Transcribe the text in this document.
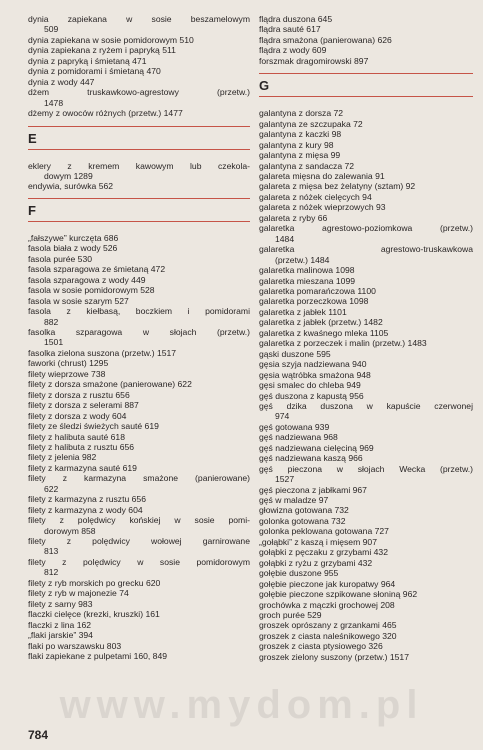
dynia zapiekana w sosie beszamelowym
509
dynia zapiekana w sosie pomidorowym 510
dynia zapiekana z ryżem i papryką 511
dynia z papryką i śmietaną 471
dynia z pomidorami i śmietaną 470
dynia z wody 447
dżem truskawkowo-agrestowy (przetw.)
1478
dżemy z owoców różnych (przetw.) 1477
E
eklery z kremem kawowym lub czekola-
dowym 1289
endywia, surówka 562
F
„fałszywe” kurczęta 686
fasola biała z wody 526
fasola purée 530
fasola szparagowa ze śmietaną 472
fasola szparagowa z wody 449
fasola w sosie pomidorowym 528
fasola w sosie szarym 527
fasola z kiełbasą, boczkiem i pomidorami
882
fasolka szparagowa w słojach (przetw.)
1501
fasolka zielona suszona (przetw.) 1517
faworki (chrust) 1295
filety wieprzowe 738
filety z dorsza smażone (panierowane) 622
filety z dorsza z rusztu 656
filety z dorsza z selerami 887
filety z dorsza z wody 604
filety ze śledzi świeżych sauté 619
filety z halibuta sauté 618
filety z halibuta z rusztu 656
filety z jelenia 982
filety z karmazyna sauté 619
filety z karmazyna smażone (panierowane)
622
filety z karmazyna z rusztu 656
filety z karmazyna z wody 604
filety z polędwicy końskiej w sosie pomi-
dorowym 858
filety z polędwicy wołowej garnirowane
813
filety z polędwicy w sosie pomidorowym
812
filety z ryb morskich po grecku 620
filety z ryb w majonezie 74
filety z sarny 983
flaczki cielęce (krezki, kruszki) 161
flaczki z lina 162
„flaki jarskie” 394
flaki po warszawsku 803
flaki zapiekane z pulpetami 160, 849
flądra duszona 645
flądra sauté 617
flądra smażona (panierowana) 626
flądra z wody 609
forszmak dragomirowski 897
G
galantyna z dorsza 72
galantyna ze szczupaka 72
galantyna z kaczki 98
galantyna z kury 98
galantyna z mięsa 99
galantyna z sandacza 72
galareta mięsna do zalewania 91
galareta z mięsa bez żelatyny (sztam) 92
galareta z nóżek cielęcych 94
galareta z nóżek wieprzowych 93
galareta z ryby 66
galaretka agrestowo-poziomkowa (przetw.)
1484
galaretka agrestowo-truskawkowa
(przetw.) 1484
galaretka malinowa 1098
galaretka mieszana 1099
galaretka pomarańczowa 1100
galaretka porzeczkowa 1098
galaretka z jabłek 1101
galaretka z jabłek (przetw.) 1482
galaretka z kwaśnego mleka 1105
galaretka z porzeczek i malin (przetw.) 1483
gąski duszone 595
gęsia szyja nadziewana 940
gęsia wątróbka smażona 948
gęsi smalec do chleba 949
gęś duszona z kapustą 956
gęś dzika duszona w kapuście czerwonej
974
gęś gotowana 939
gęś nadziewana 968
gęś nadziewana cielęciną 969
gęś nadziewana kaszą 966
gęś pieczona w słojach Wecka (przetw.)
1527
gęś pieczona z jabłkami 967
gęś w maladze 97
głowizna gotowana 732
golonka gotowana 732
golonka peklowana gotowana 727
„gołąbki” z kaszą i mięsem 907
gołąbki z pęczaku z grzybami 432
gołąbki z ryżu z grzybami 432
gołębie duszone 955
gołębie pieczone jak kuropatwy 964
gołębie pieczone szpikowane słoniną 962
grochówka z mączki grochowej 208
groch purée 529
groszek oprószany z grzankami 465
groszek z ciasta naleśnikowego 320
groszek z ciasta ptysiowego 326
groszek zielony suszony (przetw.) 1517
www.mydom.pl
784
